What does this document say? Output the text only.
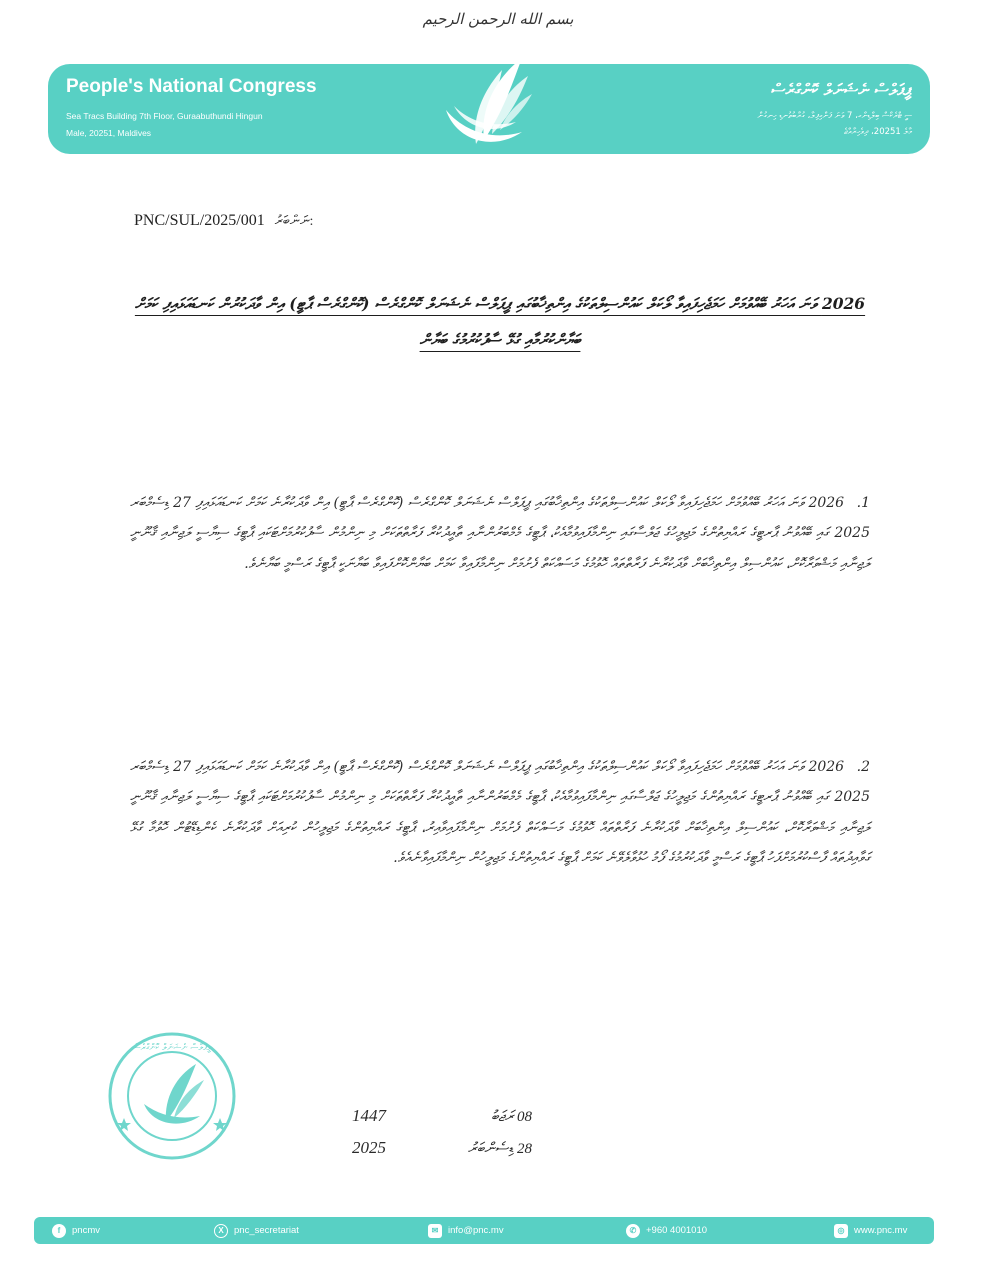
بسم الله الرحمن الرحيم
People's National Congress
Sea Tracs Building 7th Floor, Guraabuthundi Hingun
Male, 20251, Maldives
ޕީޕަލްސް ނެޝަނަލް ކޮންގްރެސް
ސީ ޓްރެކްސް ބިލްޑިންގ، 7 ވަނަ ފަންގިފިލާ، ގުރާބުތުނޑި ހިނގުން
މާލެ 20251، ދިވެހިރާއްޖެ
PNC/SUL/2025/001 ނަންބަރު:
2026 ވަނަ އަހަރު ބޭއްވުމަށް ހަމަޖެހިފައިވާ ލޯކަލް ކައުންސިލްތަކުގެ އިންތިޚާބުގައި ޕީޕަލްސް ނެޝަނަލް ކޮންގްރެސް (ކޮންގްރެސް ޕާޓީ) އިން ވާދަކުރުން ކަނޑައަޅައިފި ކަމަށް ބަޔާންކުރުމާއި ގުޅޭ ސާފުކުރުމުގެ ބަޔާން
1. 2026 ވަނަ އަހަރު ބޭއްވުމަށް ހަމަޖެހިފައިވާ ލޯކަލް ކައުންސިލްތަކުގެ އިންތިޚާބުގައި ޕީޕަލްސް ނެޝަނަލް ކޮންގްރެސް (ކޮންގްރެސް ޕާޓީ) އިން ވާދަކުރާނެ ކަމަށް ކަނޑައަޅައިފި 27 ޑިސެމްބަރ 2025 ގައި ބޭއްވުނު ޕާރޓީގެ ރައްޔިތުންގެ މަޖިލީހުގެ ޖަލްސާގައި ނިންމާފައިވުމާއެކު، ޕާޓީގެ މެމްބަރުންނާއި ތާއީދުކުރާ ފަރާތްތަކަށް މި ނިންމުން ސާފުކުރުމަށްޓަކައި ޕާޓީގެ ސިޔާސީ ލަޖިނާއި ޤާނޫނީ ލަޖިނާއި މަޝްވަރާކޮށް، ކައުންސިލް އިންތިޚާބަށް ވާދަކުރާނެ ފަރާތްތައް ހޮވުމުގެ މަސައްކަތް ފެށުމަށް ނިންމާފައިވާ ކަމަށް ބަޔާންކޮށްފައިވާ ބަޔާނަކީ ޕާޓީގެ ރަސްމީ ބަޔާނެވެ.
2. 2026 ވަނަ އަހަރު ބޭއްވުމަށް ހަމަޖެހިފައިވާ ލޯކަލް ކައުންސިލްތަކުގެ އިންތިޚާބުގައި ޕީޕަލްސް ނެޝަނަލް ކޮންގްރެސް (ކޮންގްރެސް ޕާޓީ) އިން ވާދަކުރާނެ ކަމަށް ކަނޑައަޅައިފި 27 ޑިސެމްބަރ 2025 ގައި ބޭއްވުނު ޕާރޓީގެ ރައްޔިތުންގެ މަޖިލީހުގެ ޖަލްސާގައި ނިންމާފައިވުމާއެކު، ޕާޓީގެ މެމްބަރުންނާއި ތާއީދުކުރާ ފަރާތްތަކަށް މި ނިންމުން ސާފުކުރުމަށްޓަކައި ޕާޓީގެ ސިޔާސީ ލަޖިނާއި ޤާނޫނީ ލަޖިނާއި މަޝްވަރާކޮށް، ކައުންސިލް އިންތިޚާބަށް ވާދަކުރާނެ ފަރާތްތައް ހޮވުމުގެ މަސައްކަތް ފެށުމަށް ނިންމާފައިވާއިރު، ޕާޓީގެ ރައްޔިތުންގެ މަޖިލީހުން ކުރިއަށް ވާދަކުރާނެ ކެންޑިޑޭޓުން ހޮވުމާ ގުޅޭ ގަވާއިދުތައް ފާސްކުރުމަށްފަހު ޕާޓީގެ ރަސްމީ ވާދަކުރުމުގެ ފޯމު ހުޅުވާލެވޭނެ ކަމަށް ޕާޓީގެ ރައްޔިތުންގެ މަޖިލީހުން ނިންމާފައިވާނެއެވެ.
ޕީޕަލްސް ނެޝަނަލް ކޮންގްރެސް
1447	08 ރަޖަބު
2025	28 ޑިސެންބަރު
f	pncmv	X	pnc_secretariat	✉	info@pnc.mv	✆	+960 4001010	◎	www.pnc.mv
